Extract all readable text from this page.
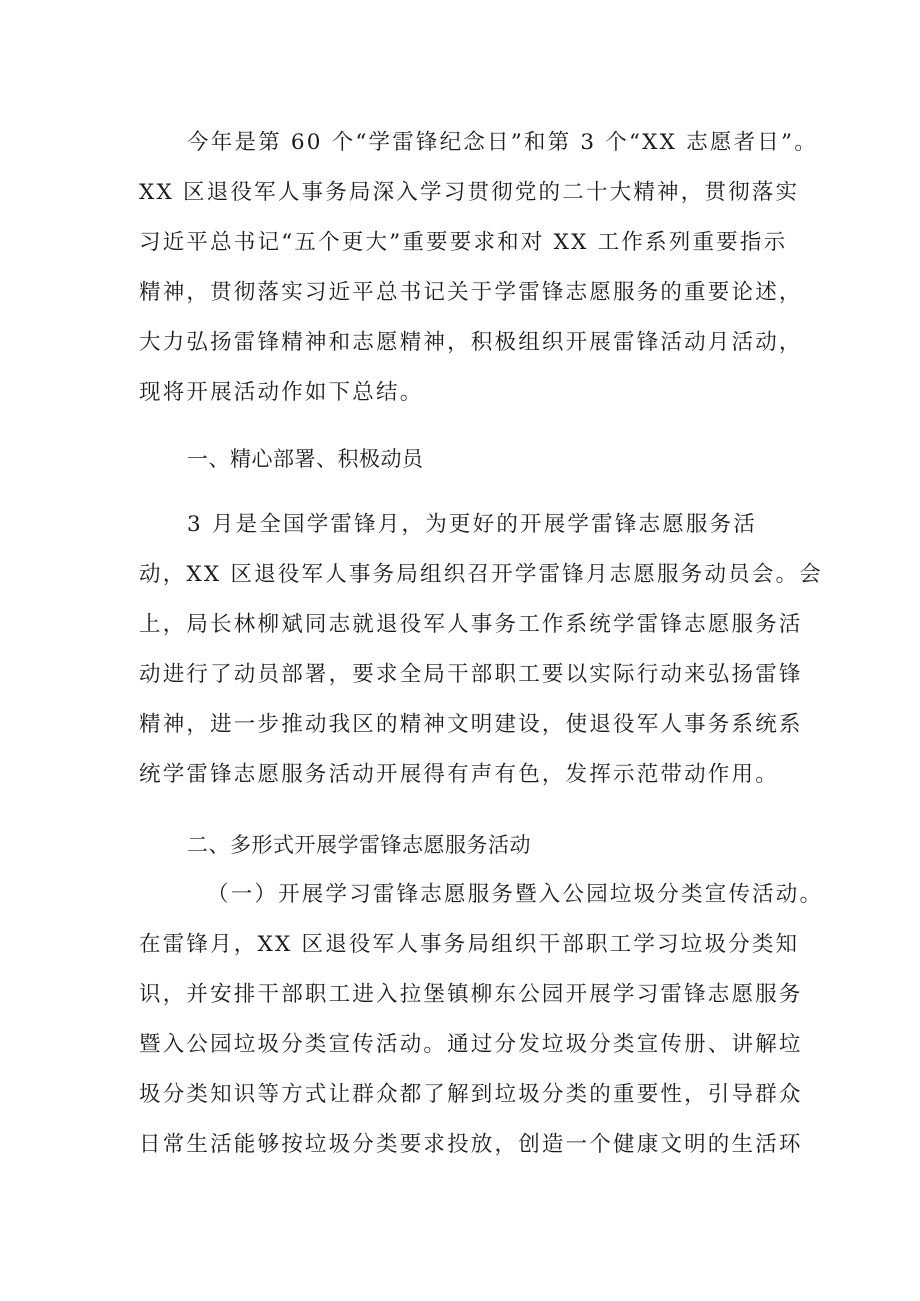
今年是第 60 个“学雷锋纪念日”和第 3 个“XX 志愿者日”。
XX 区退役军人事务局深入学习贯彻党的二十大精神，贯彻落实
习近平总书记“五个更大”重要要求和对 XX 工作系列重要指示
精神，贯彻落实习近平总书记关于学雷锋志愿服务的重要论述，
大力弘扬雷锋精神和志愿精神，积极组织开展雷锋活动月活动，
现将开展活动作如下总结。
一、精心部署、积极动员
3 月是全国学雷锋月，为更好的开展学雷锋志愿服务活
动，XX 区退役军人事务局组织召开学雷锋月志愿服务动员会。会
上，局长林柳斌同志就退役军人事务工作系统学雷锋志愿服务活
动进行了动员部署，要求全局干部职工要以实际行动来弘扬雷锋
精神，进一步推动我区的精神文明建设，使退役军人事务系统系
统学雷锋志愿服务活动开展得有声有色，发挥示范带动作用。
二、多形式开展学雷锋志愿服务活动
（一）开展学习雷锋志愿服务暨入公园垃圾分类宣传活动。
在雷锋月，XX 区退役军人事务局组织干部职工学习垃圾分类知
识，并安排干部职工进入拉堡镇柳东公园开展学习雷锋志愿服务
暨入公园垃圾分类宣传活动。通过分发垃圾分类宣传册、讲解垃
圾分类知识等方式让群众都了解到垃圾分类的重要性，引导群众
日常生活能够按垃圾分类要求投放，创造一个健康文明的生活环
